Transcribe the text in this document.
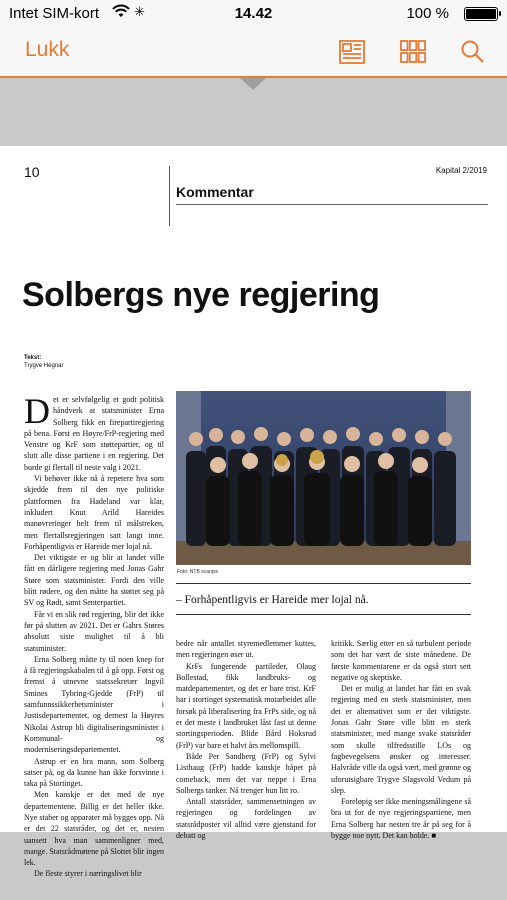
Intet SIM-kort	✳	14.42	100 %
Lukk
10	Kapital 2/2019
Kommentar
Solbergs nye regjering
Tekst:
Trygve Hegnar

Det er selvfølgelig et godt politisk håndverk at statsminister Erna Solberg fikk en firepartiregjering på bena. Først en Høyre/FrP-regjering med Venstre og KrF som støttepartier, og til slutt alle disse partiene i en regjering. Det burde gi flertall til neste valg i 2021.

Vi behøver ikke nå å repetere hva som skjedde frem til den nye politiske plattformen fra Hadeland var klar, inkludert Knut Arild Hareides manøvreringer helt frem til målstreken, men flertallsregjeringen satt langt inne. Forhåpentligvis er Hareide mer lojal nå.

Det viktigste er og blir at landet ville fått en dårligere regjering med Jonas Gahr Støre som statsminister. Fordi den ville blitt rødere, og den måtte ha støttet seg på SV og Rødt, samt Senterpartiet.

Får vi en slik rød regjering, blir det ikke før på slutten av 2021. Det er Gahrs Støres absolutt siste mulighet til å bli statsminister.

Erna Solberg måtte ty til noen knep for å få regjeringskabalen til å gå opp. Først og fremst å utnevne statssekretær Ingvil Smines Tybring-Gjedde (FrP) til samfunnssikkerhetsminister i Justisdepartementet, og dernest la Høyres Nikolai Astrup bli digitaliseringsminister i Kommunal- og moderniseringsdepartementet.

Astrup er en bra mann, som Solberg satser på, og da kunne han ikke forsvinne i taka på Stortinget.

Men kanskje er det med de nye departementene. Billig er det heller ikke. Nye staber og apparater må bygges opp. Nå er det 22 statsråder, og det er, nesten uansett hva man sammenligner med, mange. Statsrådmøtene på Slottet blir ingen lek.

De fleste styrer i næringslivet blir

Foto: NTB scanpix
– Forhåpentligvis er Hareide mer lojal nå.

bedre når antallet styremedlemmer kuttes, men regjeringen øser ut.

KrFs fungerende partileder, Olaug Bollestad, fikk landbruks- og matdepartementet, og det er bare trist. KrF har i stortinget systematisk motarbeidet alle forsøk på liberalisering fra FrPs side, og nå er det meste i landbruket låst fast ut denne stortingsperioden. Blide Bård Hoksrud (FrP) var bare et halvt års mellomspill.

Både Per Sandberg (FrP) og Sylvi Listhaug (FrP) hadde kanskje håpet på comeback, men det var neppe i Erna Solbergs tanker. Nå trenger hun litt ro.

Antall statsråder, sammensetningen av regjeringen og fordelingen av statsrådposter vil alltid være gjenstand for debatt og

kritikk. Særlig etter en så turbulent periode som det har vært de siste månedene. De første kommentarene er da også stort sett negative og skeptiske.

Det er mulig at landet har fått en svak regjering med en sterk statsminister, men det er alternativet som er det viktigste. Jonas Gahr Støre ville blitt en sterk statsminister, med mange svake statsråder som skulle tilfredsstille LOs og fagbevegelsens ønsker og interesser. Halvråde ville da også vært, med grønne og uforutsigbare Trygve Slagsvold Vedum på slep.

Foreløpig ser ikke meningsmålingene så bra ut for de nye regjeringspartiene, men Erna Solberg har nesten tre år på seg for å bygge noe nytt. Det kan holde. ■
